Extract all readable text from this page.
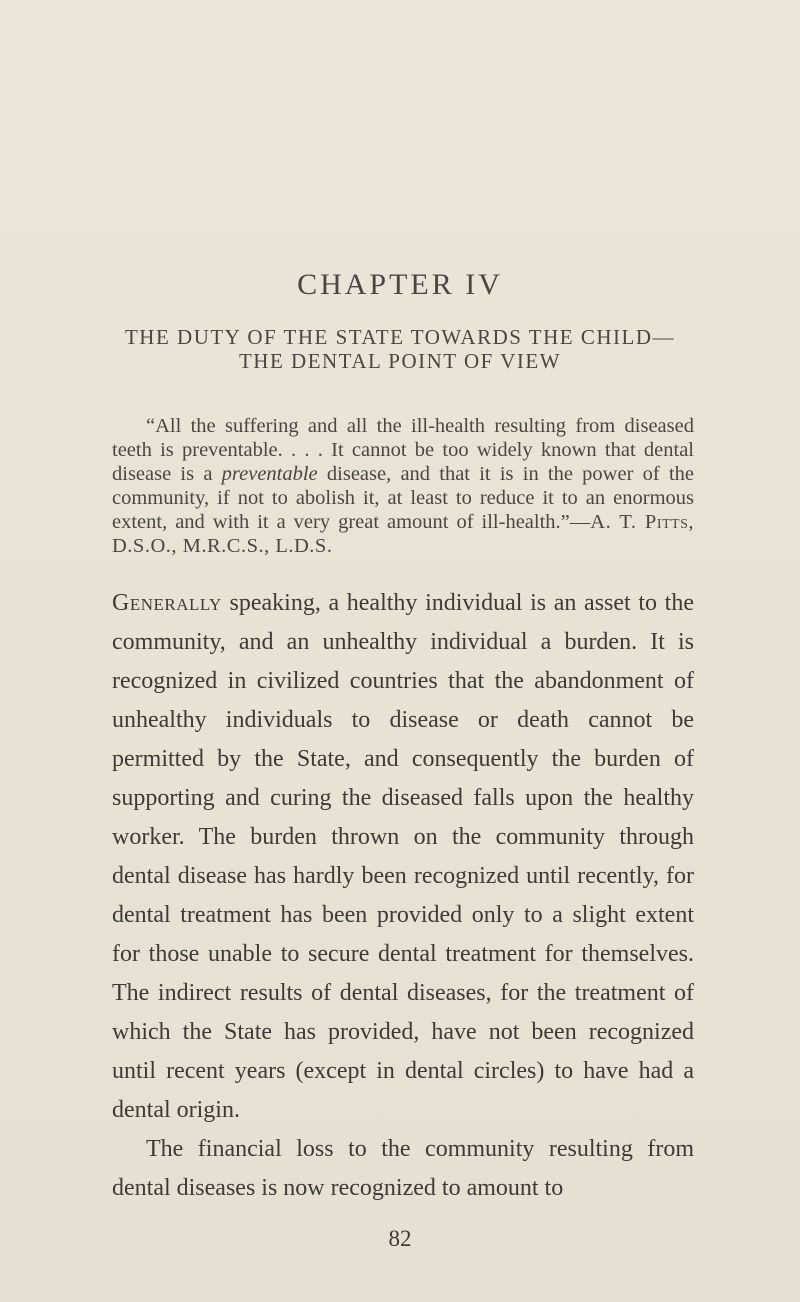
CHAPTER IV
THE DUTY OF THE STATE TOWARDS THE CHILD—
THE DENTAL POINT OF VIEW

“All the suffering and all the ill-health resulting from diseased teeth is preventable. . . . It cannot be too widely known that dental disease is a preventable disease, and that it is in the power of the community, if not to abolish it, at least to reduce it to an enormous extent, and with it a very great amount of ill-health.”—A. T. Pitts, D.S.O., M.R.C.S., L.D.S.

Generally speaking, a healthy individual is an asset to the community, and an unhealthy individual a burden. It is recognized in civilized countries that the abandonment of unhealthy individuals to disease or death cannot be permitted by the State, and consequently the burden of supporting and curing the diseased falls upon the healthy worker. The burden thrown on the community through dental disease has hardly been recognized until recently, for dental treatment has been provided only to a slight extent for those unable to secure dental treatment for themselves. The indirect results of dental diseases, for the treatment of which the State has provided, have not been recognized until recent years (except in dental circles) to have had a dental origin.

The financial loss to the community resulting from dental diseases is now recognized to amount to

82
